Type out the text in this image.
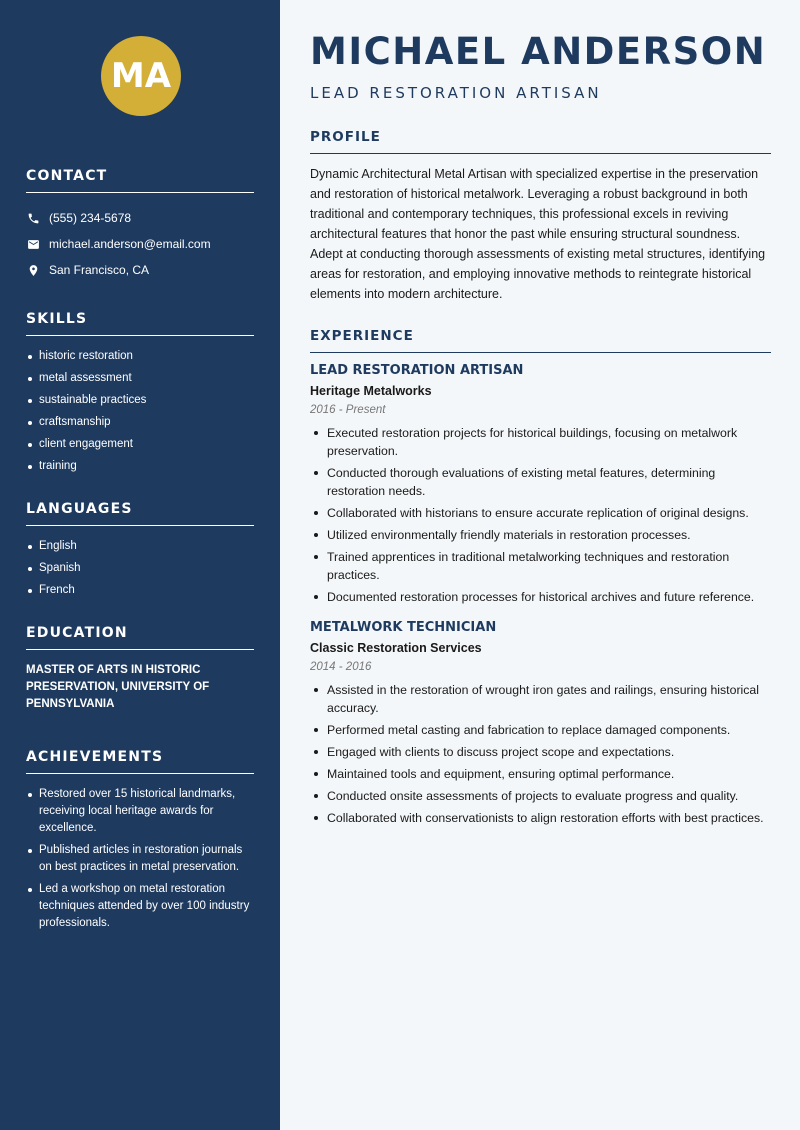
MA
CONTACT
(555) 234-5678
michael.anderson@email.com
San Francisco, CA
SKILLS
historic restoration
metal assessment
sustainable practices
craftsmanship
client engagement
training
LANGUAGES
English
Spanish
French
EDUCATION

MASTER OF ARTS IN HISTORIC PRESERVATION, UNIVERSITY OF PENNSYLVANIA

ACHIEVEMENTS
Restored over 15 historical landmarks, receiving local heritage awards for excellence.
Published articles in restoration journals on best practices in metal preservation.
Led a workshop on metal restoration techniques attended by over 100 industry professionals.
MICHAEL ANDERSON
LEAD RESTORATION ARTISAN
PROFILE

Dynamic Architectural Metal Artisan with specialized expertise in the preservation and restoration of historical metalwork. Leveraging a robust background in both traditional and contemporary techniques, this professional excels in reviving architectural features that honor the past while ensuring structural soundness. Adept at conducting thorough assessments of existing metal structures, identifying areas for restoration, and employing innovative methods to reintegrate historical elements into modern architecture.

EXPERIENCE
LEAD RESTORATION ARTISAN
Heritage Metalworks
2016 - Present
Executed restoration projects for historical buildings, focusing on metalwork preservation.
Conducted thorough evaluations of existing metal features, determining restoration needs.
Collaborated with historians to ensure accurate replication of original designs.
Utilized environmentally friendly materials in restoration processes.
Trained apprentices in traditional metalworking techniques and restoration practices.
Documented restoration processes for historical archives and future reference.
METALWORK TECHNICIAN
Classic Restoration Services
2014 - 2016
Assisted in the restoration of wrought iron gates and railings, ensuring historical accuracy.
Performed metal casting and fabrication to replace damaged components.
Engaged with clients to discuss project scope and expectations.
Maintained tools and equipment, ensuring optimal performance.
Conducted onsite assessments of projects to evaluate progress and quality.
Collaborated with conservationists to align restoration efforts with best practices.
